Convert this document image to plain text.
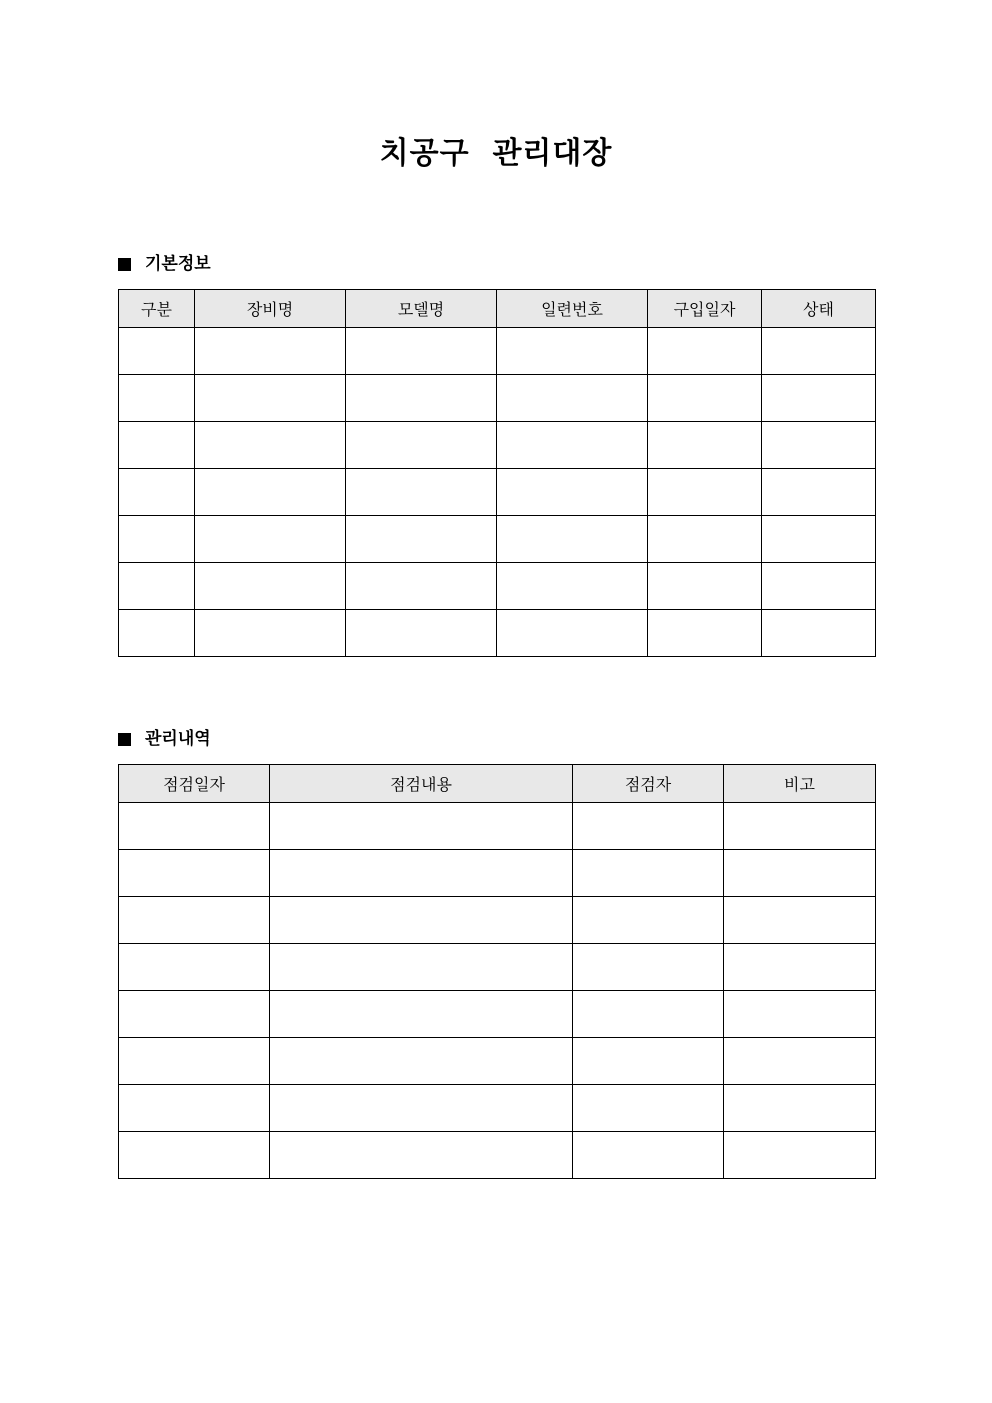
치공구  관리대장
기본정보
구분	장비명	모델명	일련번호	구입일자	상태

관리내역
점검일자	점검내용	점검자	비고
